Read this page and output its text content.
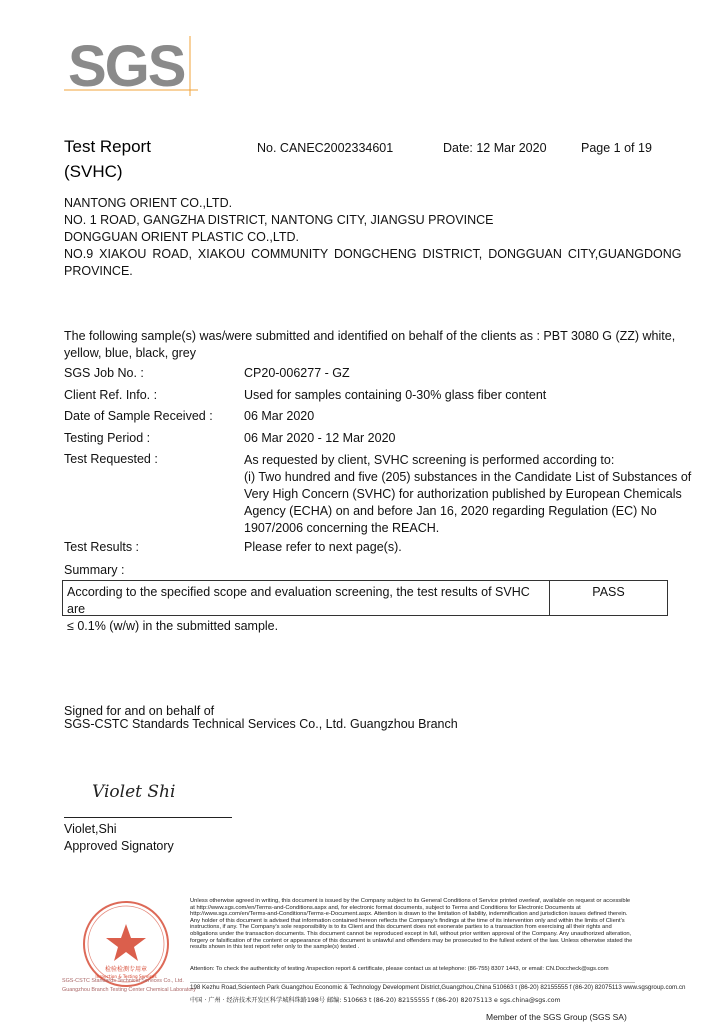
SGS
Test Report
(SVHC)
No. CANEC2002334601	Date: 12 Mar 2020	Page 1 of 19
NANTONG ORIENT CO.,LTD.
NO. 1 ROAD, GANGZHA DISTRICT, NANTONG CITY, JIANGSU PROVINCE
DONGGUAN ORIENT PLASTIC CO.,LTD.
NO.9 XIAKOU ROAD, XIAKOU COMMUNITY DONGCHENG DISTRICT, DONGGUAN CITY,GUANGDONG
PROVINCE.
The following sample(s) was/were submitted and identified on behalf of the clients as : PBT 3080 G (ZZ) white,
yellow, blue, black, grey
SGS Job No. :	CP20-006277 - GZ
Client Ref. Info. :	Used for samples containing 0-30% glass fiber content
Date of Sample Received :	06 Mar 2020
Testing Period :	06 Mar 2020 - 12 Mar 2020
Test Requested :	As requested by client, SVHC screening is performed according to:
(i) Two hundred and five (205) substances in the Candidate List of Substances of
Very High Concern (SVHC) for authorization published by European Chemicals
Agency (ECHA) on and before Jan 16, 2020 regarding Regulation (EC) No
1907/2006 concerning the REACH.
Test Results :	Please refer to next page(s).
Summary :
According to the specified scope and evaluation screening, the test results of SVHC are
≤ 0.1% (w/w) in the submitted sample.
PASS
Signed for and on behalf of
SGS-CSTC Standards Technical Services Co., Ltd. Guangzhou Branch
Violet Shi
Violet,Shi
Approved Signatory
检验检测专用章
Inspection & Testing Services
SGS-CSTC Standards Technical Services Co., Ltd.
Guangzhou Branch Testing Center Chemical Laboratory
Unless otherwise agreed in writing, this document is issued by the Company subject to its General Conditions of Service printed overleaf, available on request or accessible at http://www.sgs.com/en/Terms-and-Conditions.aspx and, for electronic format documents, subject to Terms and Conditions for Electronic Documents at http://www.sgs.com/en/Terms-and-Conditions/Terms-e-Document.aspx. Attention is drawn to the limitation of liability, indemnification and jurisdiction issues defined therein. Any holder of this document is advised that information contained hereon reflects the Company's findings at the time of its intervention only and within the limits of Client's instructions, if any. The Company's sole responsibility is to its Client and this document does not exonerate parties to a transaction from exercising all their rights and obligations under the transaction documents. This document cannot be reproduced except in full, without prior written approval of the Company. Any unauthorized alteration, forgery or falsification of the content or appearance of this document is unlawful and offenders may be prosecuted to the fullest extent of the law. Unless otherwise stated the results shown in this test report refer only to the sample(s) tested .
Attention: To check the authenticity of testing /inspection report & certificate, please contact us at telephone: (86-755) 8307 1443, or email: CN.Doccheck@sgs.com
198 Kezhu Road,Scientech Park Guangzhou Economic & Technology Development District,Guangzhou,China 510663 t (86-20) 82155555 f (86-20) 82075113 www.sgsgroup.com.cn
中国 · 广州 · 经济技术开发区科学城科珠路198号 邮编: 510663 t (86-20) 82155555 f (86-20) 82075113 e sgs.china@sgs.com
Member of the SGS Group (SGS SA)
